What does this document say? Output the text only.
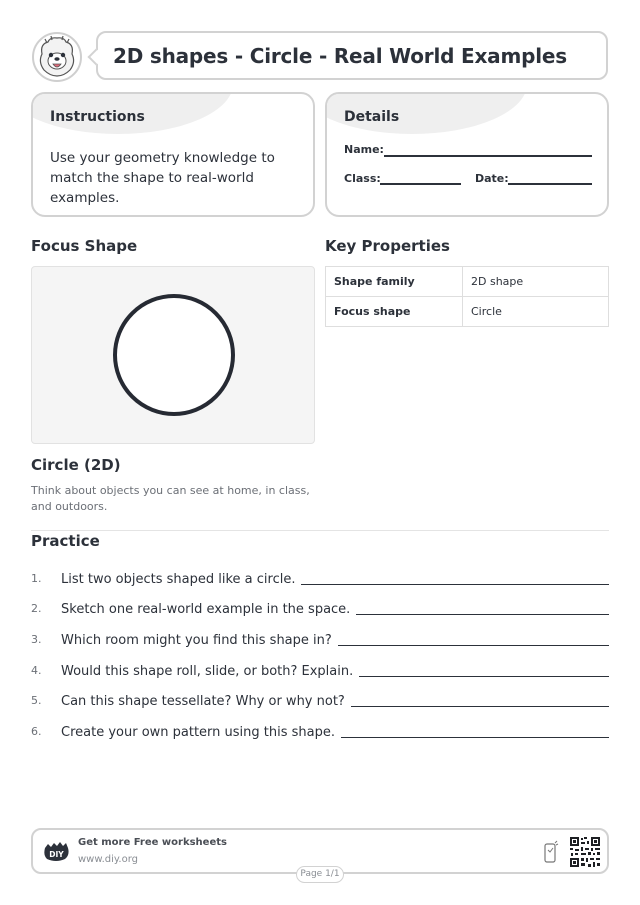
2D shapes - Circle - Real World Examples
Instructions
Use your geometry knowledge to match the shape to real-world examples.
Details
Name:
Class:	Date:
Focus Shape
Circle (2D)
Think about objects you can see at home, in class, and outdoors.
Key Properties
Shape family	2D shape
Focus shape	Circle
Practice
1.	List two objects shaped like a circle.
2.	Sketch one real-world example in the space.
3.	Which room might you find this shape in?
4.	Would this shape roll, slide, or both? Explain.
5.	Can this shape tessellate? Why or why not?
6.	Create your own pattern using this shape.
DIY
Get more Free worksheets
www.diy.org
Page 1/1
